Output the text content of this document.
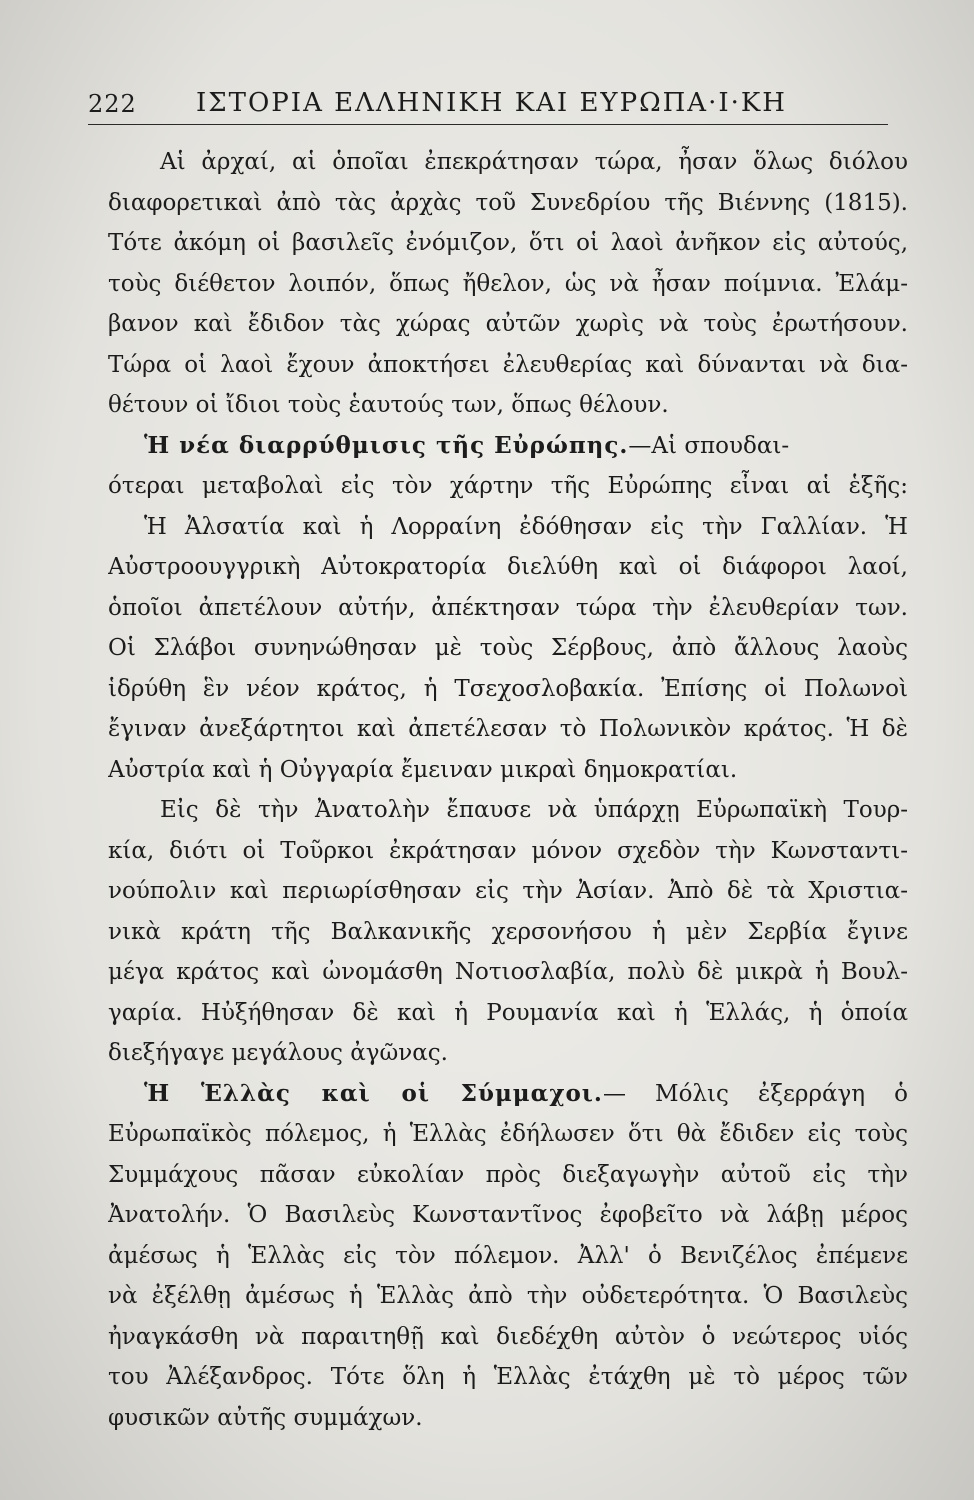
222 ΙΣΤΟΡΙΑ ΕΛΛΗΝΙΚΗ ΚΑΙ ΕΥΡΩΠΑ·Ι·ΚΗ
Αἱ ἀρχαί, αἱ ὁποῖαι ἐπεκράτησαν τώρα, ἦσαν ὅλως διόλου
διαφορετικαὶ ἀπὸ τὰς ἀρχὰς τοῦ Συνεδρίου τῆς Βιέννης (1815).
Τότε ἀκόμη οἱ βασιλεῖς ἐνόμιζον, ὅτι οἱ λαοὶ ἀνῆκον εἰς αὐτούς,
τοὺς διέθετον λοιπόν, ὅπως ἤθελον, ὡς νὰ ἦσαν ποίμνια. Ἐλάμ-
βανον καὶ ἔδιδον τὰς χώρας αὐτῶν χωρὶς νὰ τοὺς ἐρωτήσουν.
Τώρα οἱ λαοὶ ἔχουν ἀποκτήσει ἐλευθερίας καὶ δύνανται νὰ δια-
θέτουν οἱ ἴδιοι τοὺς ἑαυτούς των, ὅπως θέλουν.
Ἡ νέα διαρρύθμισις τῆς Εὐρώπης.—Αἱ σπουδαι-
ότεραι μεταβολαὶ εἰς τὸν χάρτην τῆς Εὐρώπης εἶναι αἱ ἑξῆς:
Ἡ Ἀλσατία καὶ ἡ Λορραίνη ἐδόθησαν εἰς τὴν Γαλλίαν. Ἡ
Αὐστροουγγρικὴ Αὐτοκρατορία διελύθη καὶ οἱ διάφοροι λαοί,
ὁποῖοι ἀπετέλουν αὐτήν, ἀπέκτησαν τώρα τὴν ἐλευθερίαν των.
Οἱ Σλάβοι συνηνώθησαν μὲ τοὺς Σέρβους, ἀπὸ ἄλλους λαοὺς
ἱδρύθη ἓν νέον κράτος, ἡ Τσεχοσλοβακία. Ἐπίσης οἱ Πολωνοὶ
ἔγιναν ἀνεξάρτητοι καὶ ἀπετέλεσαν τὸ Πολωνικὸν κράτος. Ἡ δὲ
Αὐστρία καὶ ἡ Οὐγγαρία ἔμειναν μικραὶ δημοκρατίαι.
Εἰς δὲ τὴν Ἀνατολὴν ἔπαυσε νὰ ὑπάρχῃ Εὐρωπαϊκὴ Τουρ-
κία, διότι οἱ Τοῦρκοι ἐκράτησαν μόνον σχεδὸν τὴν Κωνσταντι-
νούπολιν καὶ περιωρίσθησαν εἰς τὴν Ἀσίαν. Ἀπὸ δὲ τὰ Χριστια-
νικὰ κράτη τῆς Βαλκανικῆς χερσονήσου ἡ μὲν Σερβία ἔγινε
μέγα κράτος καὶ ὠνομάσθη Νοτιοσλαβία, πολὺ δὲ μικρὰ ἡ Βουλ-
γαρία. Ηὐξήθησαν δὲ καὶ ἡ Ρουμανία καὶ ἡ Ἑλλάς, ἡ ὁποία
διεξήγαγε μεγάλους ἀγῶνας.
Ἡ Ἑλλὰς καὶ οἱ Σύμμαχοι.— Μόλις ἐξερράγη ὁ
Εὐρωπαϊκὸς πόλεμος, ἡ Ἑλλὰς ἐδήλωσεν ὅτι θὰ ἔδιδεν εἰς τοὺς
Συμμάχους πᾶσαν εὐκολίαν πρὸς διεξαγωγὴν αὐτοῦ εἰς τὴν
Ἀνατολήν. Ὁ Βασιλεὺς Κωνσταντῖνος ἐφοβεῖτο νὰ λάβῃ μέρος
ἀμέσως ἡ Ἑλλὰς εἰς τὸν πόλεμον. Ἀλλ' ὁ Βενιζέλος ἐπέμενε
νὰ ἐξέλθῃ ἀμέσως ἡ Ἑλλὰς ἀπὸ τὴν οὐδετερότητα. Ὁ Βασιλεὺς
ἠναγκάσθη νὰ παραιτηθῇ καὶ διεδέχθη αὐτὸν ὁ νεώτερος υἱός
του Ἀλέξανδρος. Τότε ὅλη ἡ Ἑλλὰς ἐτάχθη μὲ τὸ μέρος τῶν
φυσικῶν αὐτῆς συμμάχων.
